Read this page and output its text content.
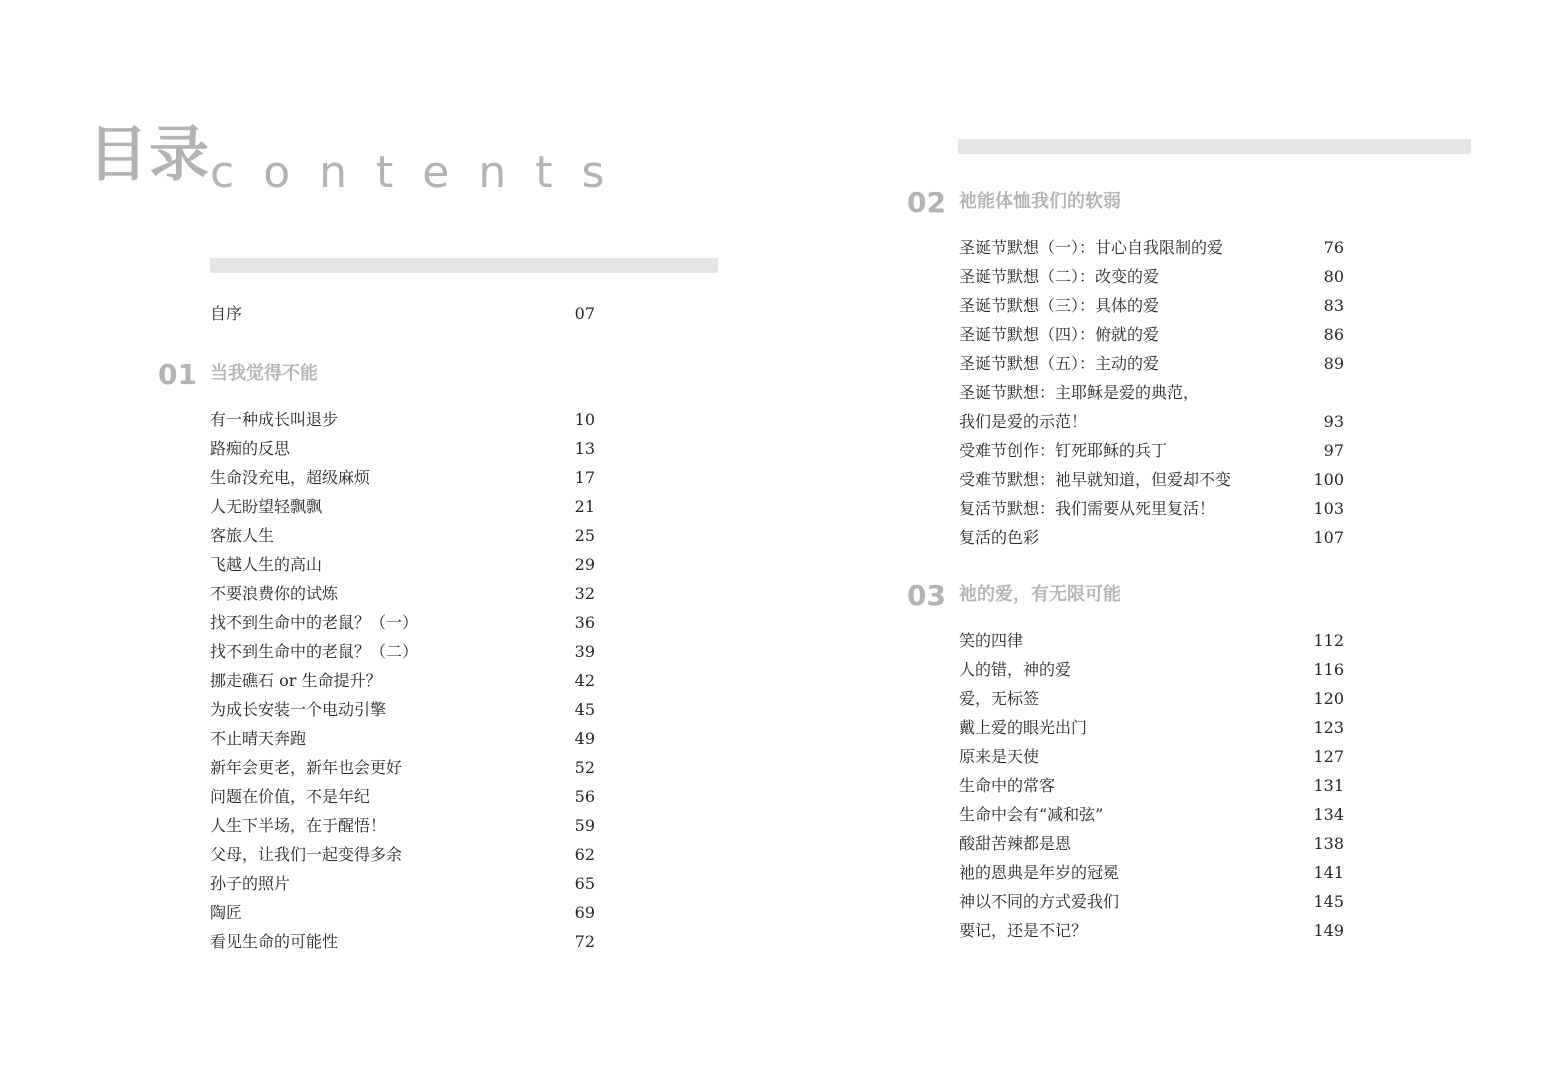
目录 contents
自序	07
01 当我觉得不能
有一种成长叫退步	10
路痴的反思	13
生命没充电，超级麻烦	17
人无盼望轻飘飘	21
客旅人生	25
飞越人生的高山	29
不要浪费你的试炼	32
找不到生命中的老鼠？（一）	36
找不到生命中的老鼠？（二）	39
挪走礁石 or 生命提升？	42
为成长安装一个电动引擎	45
不止晴天奔跑	49
新年会更老，新年也会更好	52
问题在价值，不是年纪	56
人生下半场，在于醒悟！	59
父母，让我们一起变得多余	62
孙子的照片	65
陶匠	69
看见生命的可能性	72
02 祂能体恤我们的软弱
圣诞节默想（一）：甘心自我限制的爱	76
圣诞节默想（二）：改变的爱	80
圣诞节默想（三）：具体的爱	83
圣诞节默想（四）：俯就的爱	86
圣诞节默想（五）：主动的爱	89
圣诞节默想：主耶稣是爱的典范，
我们是爱的示范！	93
受难节创作：钉死耶稣的兵丁	97
受难节默想：祂早就知道，但爱却不变	100
复活节默想：我们需要从死里复活！	103
复活的色彩	107
03 祂的爱，有无限可能
笑的四律	112
人的错，神的爱	116
爱，无标签	120
戴上爱的眼光出门	123
原来是天使	127
生命中的常客	131
生命中会有“减和弦”	134
酸甜苦辣都是恩	138
祂的恩典是年岁的冠冕	141
神以不同的方式爱我们	145
要记，还是不记？	149
